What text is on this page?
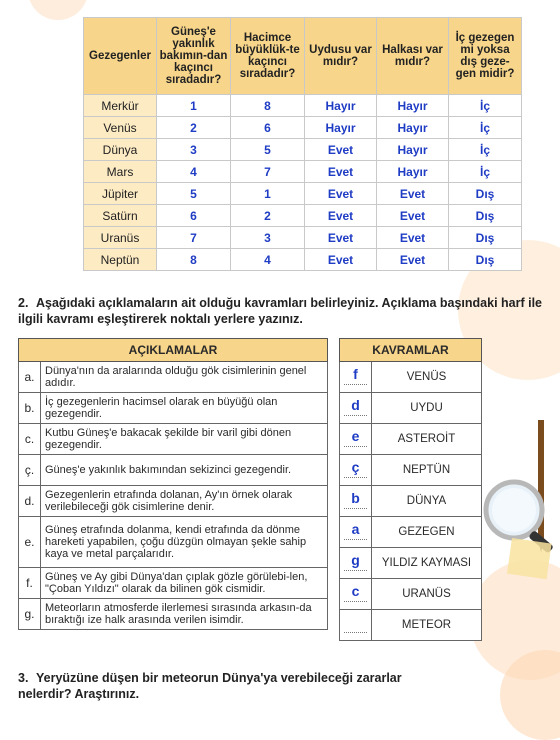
Gezegenler	Güneş'e yakınlık bakımın-dan kaçıncı sıradadır?	Hacimce büyüklük-te kaçıncı sıradadır?	Uydusu var mıdır?	Halkası var mıdır?	İç gezegen mi yoksa dış geze-gen midir?
Merkür	1	8	Hayır	Hayır	İç
Venüs	2	6	Hayır	Hayır	İç
Dünya	3	5	Evet	Hayır	İç
Mars	4	7	Evet	Hayır	İç
Jüpiter	5	1	Evet	Evet	Dış
Satürn	6	2	Evet	Evet	Dış
Uranüs	7	3	Evet	Evet	Dış
Neptün	8	4	Evet	Evet	Dış
2. Aşağıdaki açıklamaların ait olduğu kavramları belirleyiniz. Açıklama başındaki harf ile ilgili kavramı eşleştirerek noktalı yerlere yazınız.
AÇIKLAMALAR	
a.	Dünya'nın da aralarında olduğu gök cisimlerinin genel adıdır.
b.	İç gezegenlerin hacimsel olarak en büyüğü olan gezegendir.
c.	Kutbu Güneş'e bakacak şekilde bir varil gibi dönen gezegendir.
ç.	Güneş'e yakınlık bakımından sekizinci gezegendir.
d.	Gezegenlerin etrafında dolanan, Ay'ın örnek olarak verilebileceği gök cisimlerine denir.
e.	Güneş etrafında dolanma, kendi etrafında da dönme hareketi yapabilen, çoğu düzgün olmayan şekle sahip kaya ve metal parçalarıdır.
f.	Güneş ve Ay gibi Dünya'dan çıplak gözle görülebi-len, "Çoban Yıldızı" olarak da bilinen gök cismidir.
g.	Meteorların atmosferde ilerlemesi sırasında arkasın-da bıraktığı ize halk arasında verilen isimdir.
KAVRAMLAR	
f	VENÜS
d	UYDU
e	ASTEROİT
ç	NEPTÜN
b	DÜNYA
a	GEZEGEN
g	YILDIZ KAYMASI
c	URANÜS

	METEOR
3. Yeryüzüne düşen bir meteorun Dünya'ya verebileceği zararlar nelerdir? Araştırınız.
